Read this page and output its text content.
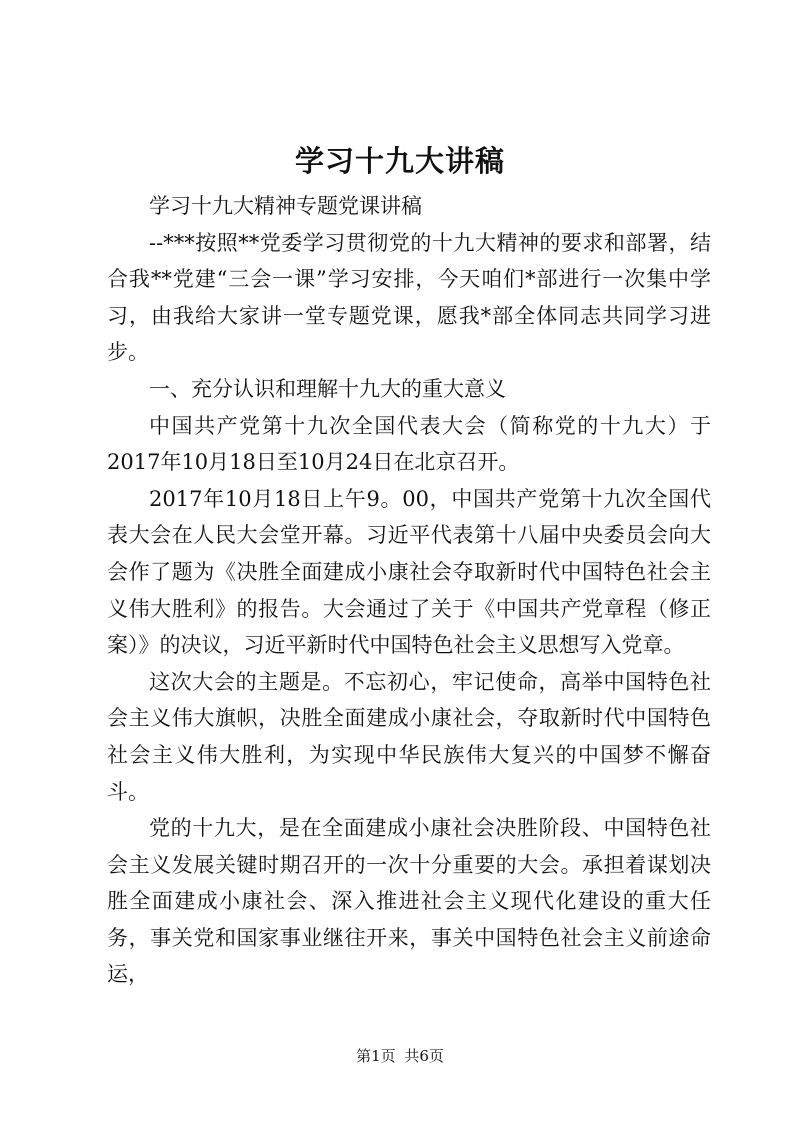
学习十九大讲稿

学习十九大精神专题党课讲稿

--***按照**党委学习贯彻党的十九大精神的要求和部署，结合我**党建“三会一课”学习安排，今天咱们*部进行一次集中学习，由我给大家讲一堂专题党课，愿我*部全体同志共同学习进步。

一、充分认识和理解十九大的重大意义

中国共产党第十九次全国代表大会（简称党的十九大）于2017年10月18日至10月24日在北京召开。

2017年10月18日上午9。00，中国共产党第十九次全国代表大会在人民大会堂开幕。习近平代表第十八届中央委员会向大会作了题为《决胜全面建成小康社会夺取新时代中国特色社会主义伟大胜利》的报告。大会通过了关于《中国共产党章程（修正案）》的决议，习近平新时代中国特色社会主义思想写入党章。

这次大会的主题是。不忘初心，牢记使命，高举中国特色社会主义伟大旗帜，决胜全面建成小康社会，夺取新时代中国特色社会主义伟大胜利，为实现中华民族伟大复兴的中国梦不懈奋斗。

党的十九大，是在全面建成小康社会决胜阶段、中国特色社会主义发展关键时期召开的一次十分重要的大会。承担着谋划决胜全面建成小康社会、深入推进社会主义现代化建设的重大任务，事关党和国家事业继往开来，事关中国特色社会主义前途命运，

第1页 共6页
